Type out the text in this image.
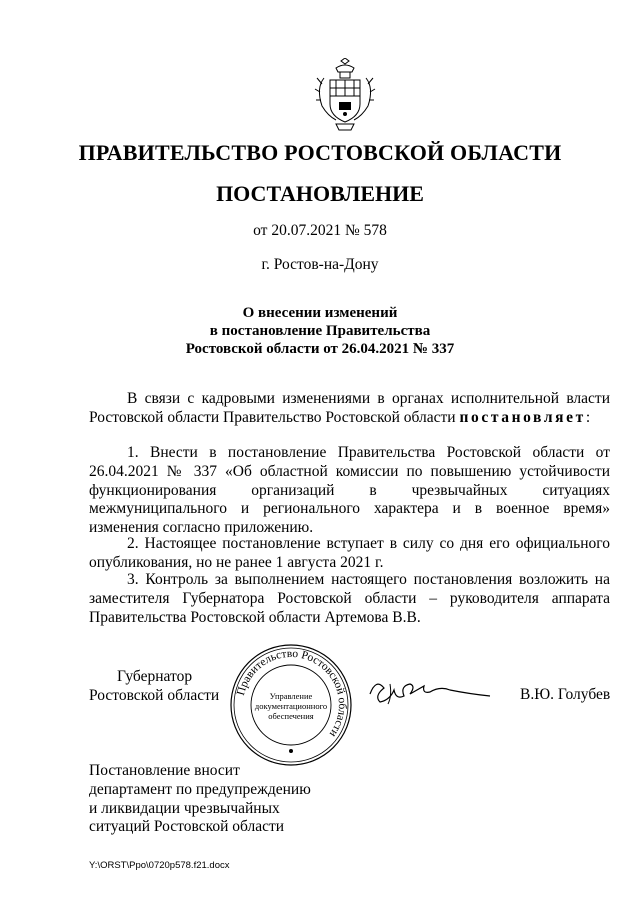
ПРАВИТЕЛЬСТВО РОСТОВСКОЙ ОБЛАСТИ
ПОСТАНОВЛЕНИЕ
от 20.07.2021 № 578
г. Ростов-на-Дону
О внесении изменений
в постановление Правительства
Ростовской области от 26.04.2021 № 337
В связи с кадровыми изменениями в органах исполнительной власти Ростовской области Правительство Ростовской области постановляет:
1. Внести в постановление Правительства Ростовской области от 26.04.2021 № 337 «Об областной комиссии по повышению устойчивости функционирования организаций в чрезвычайных ситуациях межмуниципального и регионального характера и в военное время» изменения согласно приложению.
2. Настоящее постановление вступает в силу со дня его официального опубликования, но не ранее 1 августа 2021 г.
3. Контроль за выполнением настоящего постановления возложить на заместителя Губернатора Ростовской области – руководителя аппарата Правительства Ростовской области Артемова В.В.
Губернатор
Ростовской области Правительство Ростовской области
Управление
документационного
обеспечения
В.Ю. Голубев
Постановление вносит
департамент по предупреждению
и ликвидации чрезвычайных
ситуаций Ростовской области
Y:\ORST\Ppo\0720p578.f21.docx
